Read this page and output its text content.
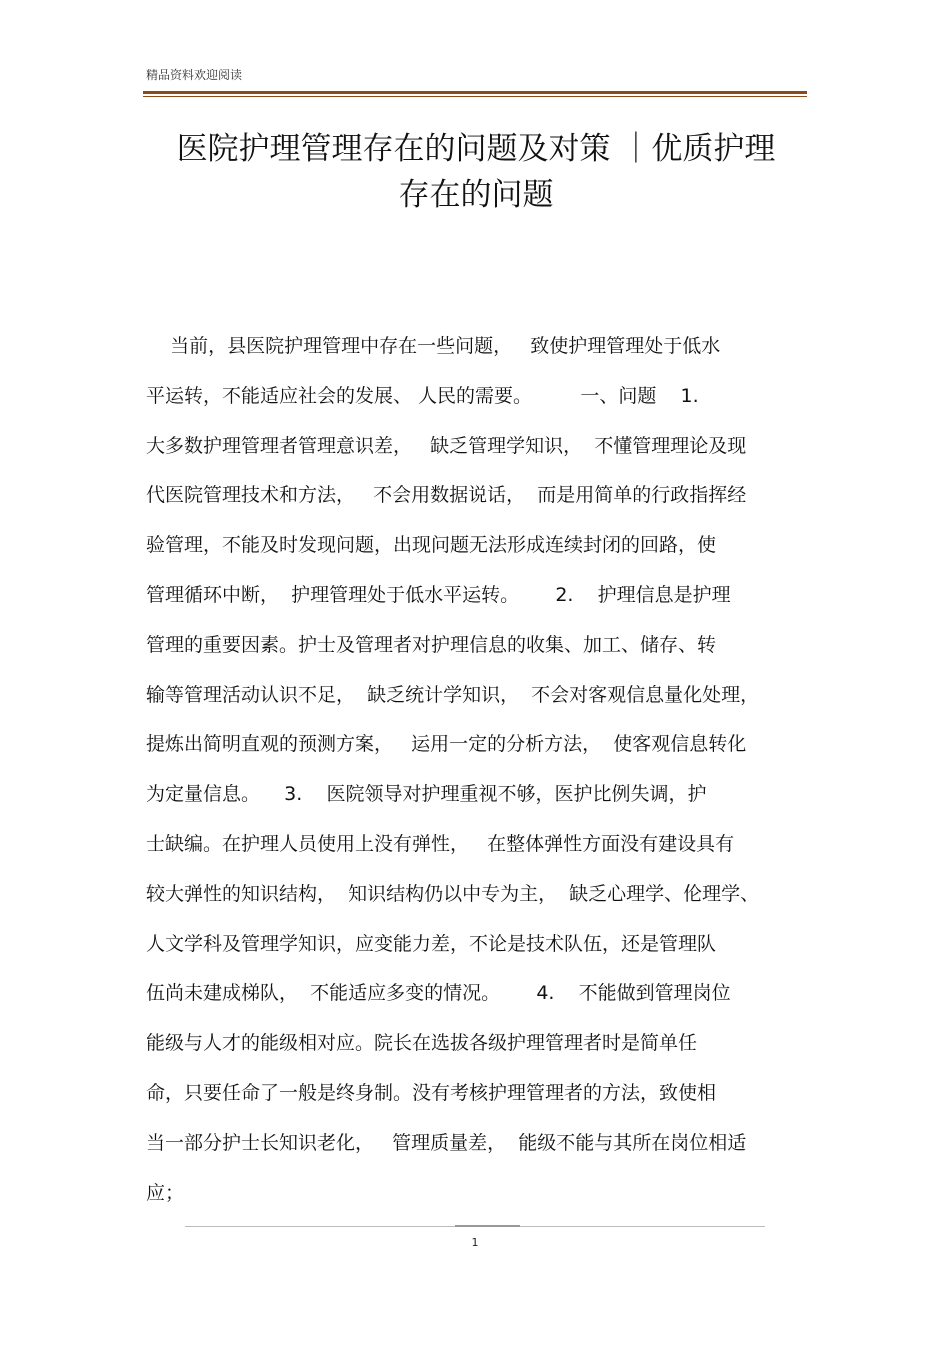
精品资料欢迎阅读
医院护理管理存在的问题及对策 ｜优质护理
存在的问题
当前，县医院护理管理中存在一些问题，   致使护理管理处于低水
平运转，不能适应社会的发展、 人民的需要。        一、问题    1.
大多数护理管理者管理意识差，   缺乏管理学知识，  不懂管理理论及现
代医院管理技术和方法，   不会用数据说话，  而是用简单的行政指挥经
验管理，不能及时发现问题，出现问题无法形成连续封闭的回路，使
管理循环中断，  护理管理处于低水平运转。      2.    护理信息是护理
管理的重要因素。护士及管理者对护理信息的收集、加工、储存、转
输等管理活动认识不足，  缺乏统计学知识，  不会对客观信息量化处理，
提炼出简明直观的预测方案，   运用一定的分析方法，  使客观信息转化
为定量信息。    3.    医院领导对护理重视不够，医护比例失调，护
士缺编。在护理人员使用上没有弹性，   在整体弹性方面没有建设具有
较大弹性的知识结构，  知识结构仍以中专为主，  缺乏心理学、伦理学、
人文学科及管理学知识，应变能力差，不论是技术队伍，还是管理队
伍尚未建成梯队，  不能适应多变的情况。      4.    不能做到管理岗位
能级与人才的能级相对应。院长在选拔各级护理管理者时是简单任
命，只要任命了一般是终身制。没有考核护理管理者的方法，致使相
当一部分护士长知识老化，   管理质量差，  能级不能与其所在岗位相适
应；
1
